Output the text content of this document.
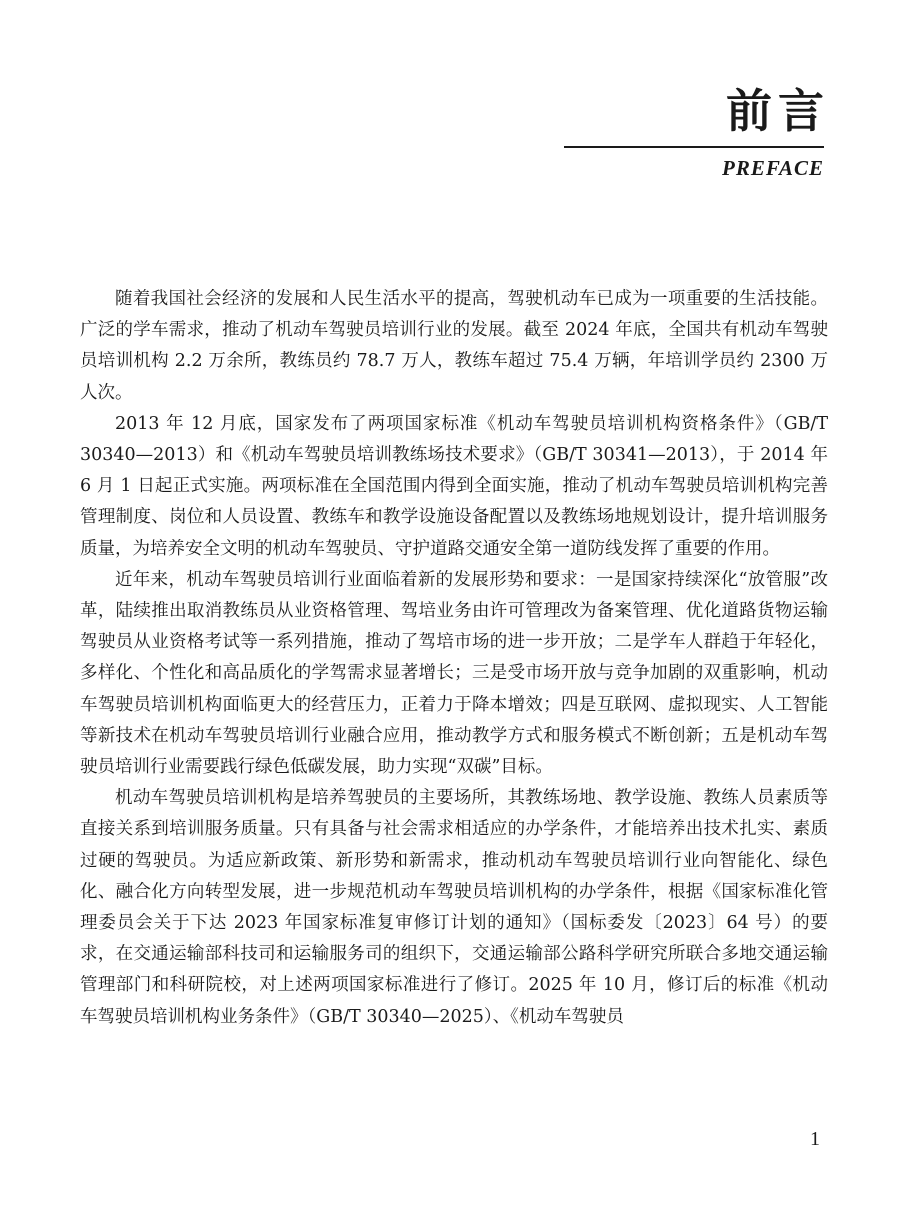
前言
PREFACE

随着我国社会经济的发展和人民生活水平的提高，驾驶机动车已成为一项重要的生活技能。广泛的学车需求，推动了机动车驾驶员培训行业的发展。截至 2024 年底，全国共有机动车驾驶员培训机构 2.2 万余所，教练员约 78.7 万人，教练车超过 75.4 万辆，年培训学员约 2300 万人次。

2013 年 12 月底，国家发布了两项国家标准《机动车驾驶员培训机构资格条件》（GB/T 30340—2013）和《机动车驾驶员培训教练场技术要求》（GB/T 30341—2013），于 2014 年6 月 1 日起正式实施。两项标准在全国范围内得到全面实施，推动了机动车驾驶员培训机构完善管理制度、岗位和人员设置、教练车和教学设施设备配置以及教练场地规划设计，提升培训服务质量，为培养安全文明的机动车驾驶员、守护道路交通安全第一道防线发挥了重要的作用。

近年来，机动车驾驶员培训行业面临着新的发展形势和要求：一是国家持续深化“放管服”改革，陆续推出取消教练员从业资格管理、驾培业务由许可管理改为备案管理、优化道路货物运输驾驶员从业资格考试等一系列措施，推动了驾培市场的进一步开放；二是学车人群趋于年轻化，多样化、个性化和高品质化的学驾需求显著增长；三是受市场开放与竞争加剧的双重影响，机动车驾驶员培训机构面临更大的经营压力，正着力于降本增效；四是互联网、虚拟现实、人工智能等新技术在机动车驾驶员培训行业融合应用，推动教学方式和服务模式不断创新；五是机动车驾驶员培训行业需要践行绿色低碳发展，助力实现“双碳”目标。

机动车驾驶员培训机构是培养驾驶员的主要场所，其教练场地、教学设施、教练人员素质等直接关系到培训服务质量。只有具备与社会需求相适应的办学条件，才能培养出技术扎实、素质过硬的驾驶员。为适应新政策、新形势和新需求，推动机动车驾驶员培训行业向智能化、绿色化、融合化方向转型发展，进一步规范机动车驾驶员培训机构的办学条件，根据《国家标准化管理委员会关于下达 2023 年国家标准复审修订计划的通知》（国标委发〔2023〕64 号）的要求，在交通运输部科技司和运输服务司的组织下，交通运输部公路科学研究所联合多地交通运输管理部门和科研院校，对上述两项国家标准进行了修订。2025 年 10 月，修订后的标准《机动车驾驶员培训机构业务条件》（GB/T 30340—2025）、《机动车驾驶员

1
